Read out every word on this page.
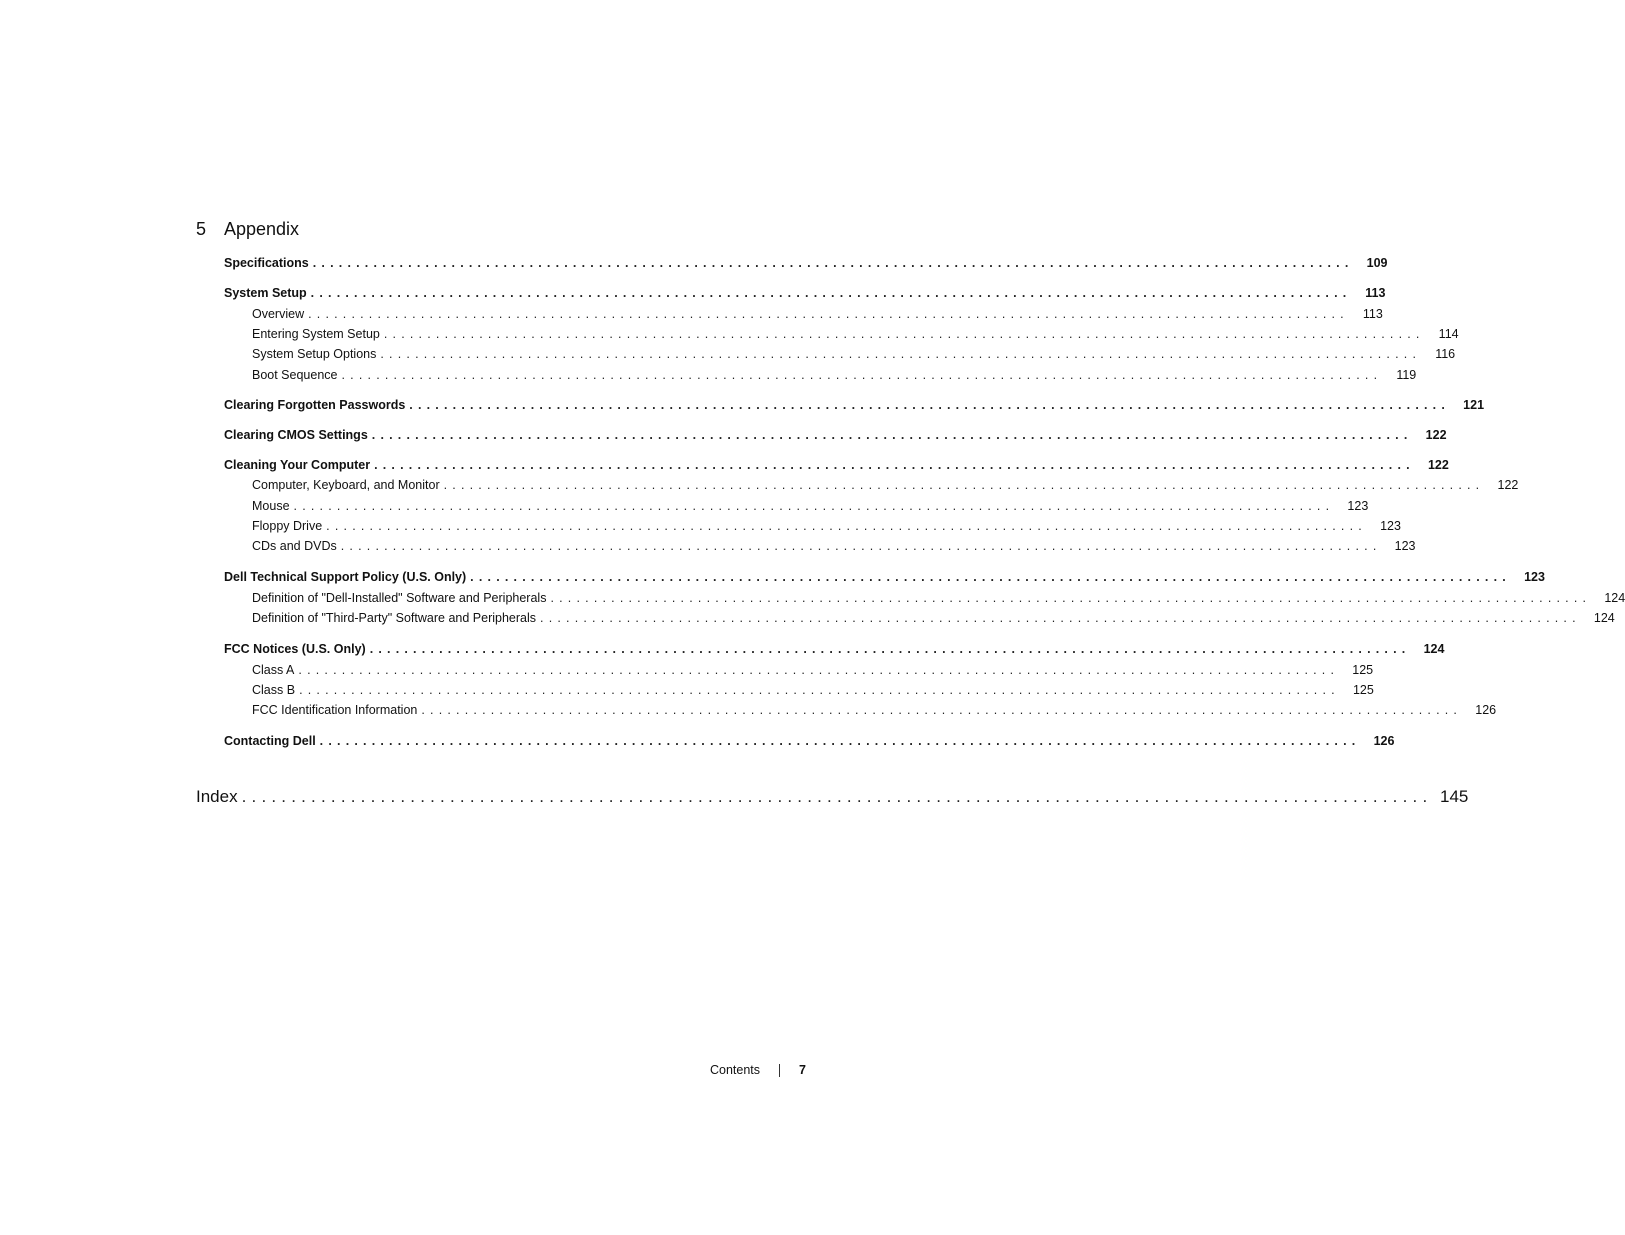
5 Appendix
Specifications ........................................................................................................................	109
System Setup ........................................................................................................................	113
Overview ........................................................................................................................	113
Entering System Setup ........................................................................................................................	114
System Setup Options ........................................................................................................................	116
Boot Sequence ........................................................................................................................	119
Clearing Forgotten Passwords ........................................................................................................................	121
Clearing CMOS Settings ........................................................................................................................	122
Cleaning Your Computer ........................................................................................................................	122
Computer, Keyboard, and Monitor ........................................................................................................................	122
Mouse ........................................................................................................................	123
Floppy Drive ........................................................................................................................	123
CDs and DVDs ........................................................................................................................	123
Dell Technical Support Policy (U.S. Only) ........................................................................................................................	123
Definition of "Dell-Installed" Software and Peripherals ........................................................................................................................	124
Definition of "Third-Party" Software and Peripherals ........................................................................................................................	124
FCC Notices (U.S. Only) ........................................................................................................................	124
Class A ........................................................................................................................	125
Class B ........................................................................................................................	125
FCC Identification Information ........................................................................................................................	126
Contacting Dell ........................................................................................................................	126
Index ........................................................................................................................ 145
Contents	7
